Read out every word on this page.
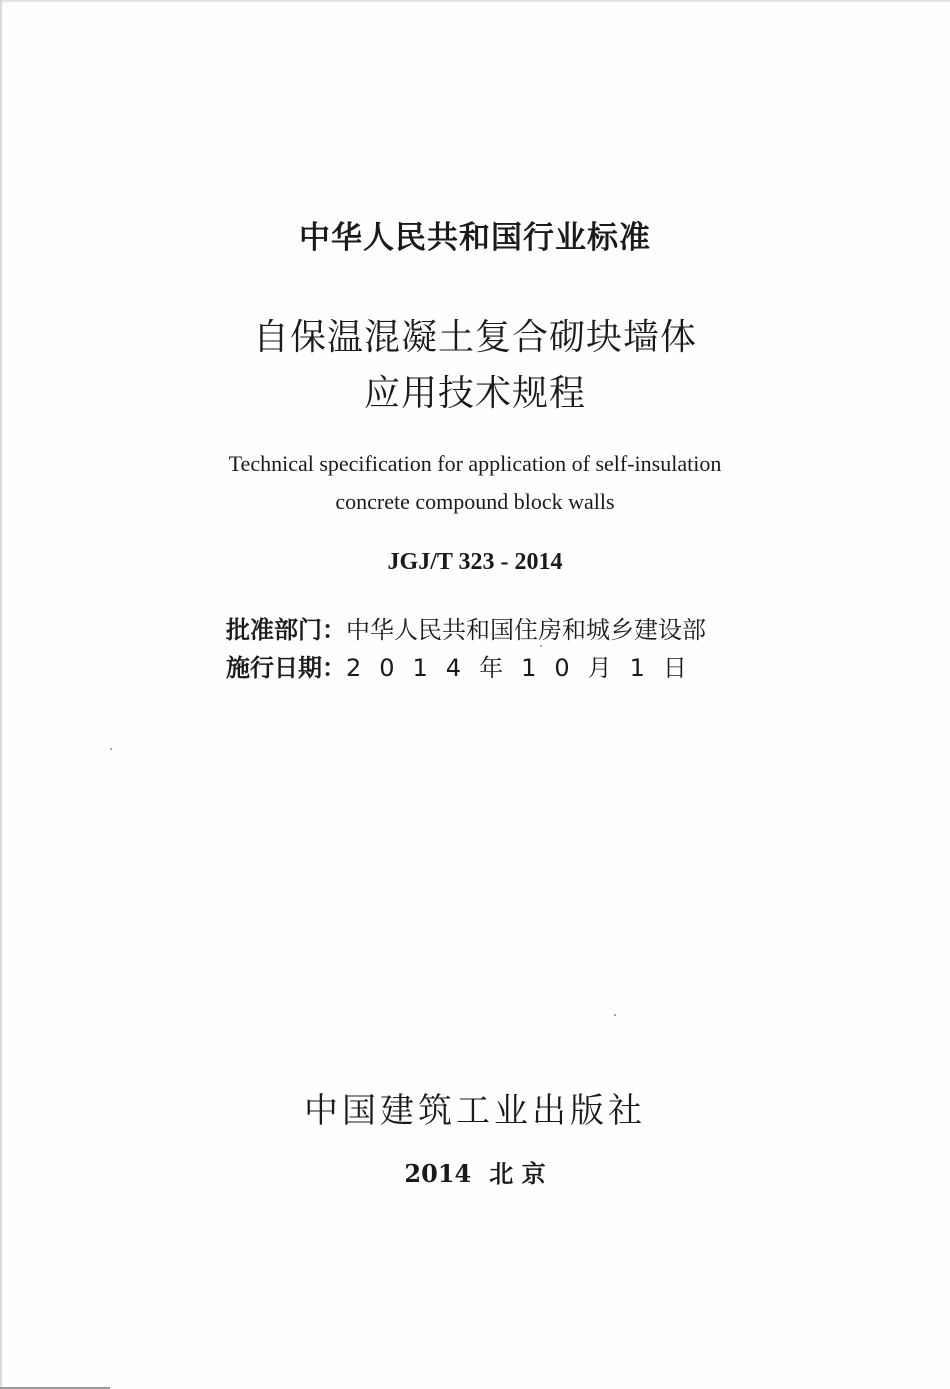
中华人民共和国行业标准
自保温混凝土复合砌块墙体
应用技术规程
Technical specification for application of self-insulation
concrete compound block walls
JGJ/T 323 - 2014
批准部门：中华人民共和国住房和城乡建设部
施行日期：2014年10月1日
中国建筑工业出版社
2014 北 京
